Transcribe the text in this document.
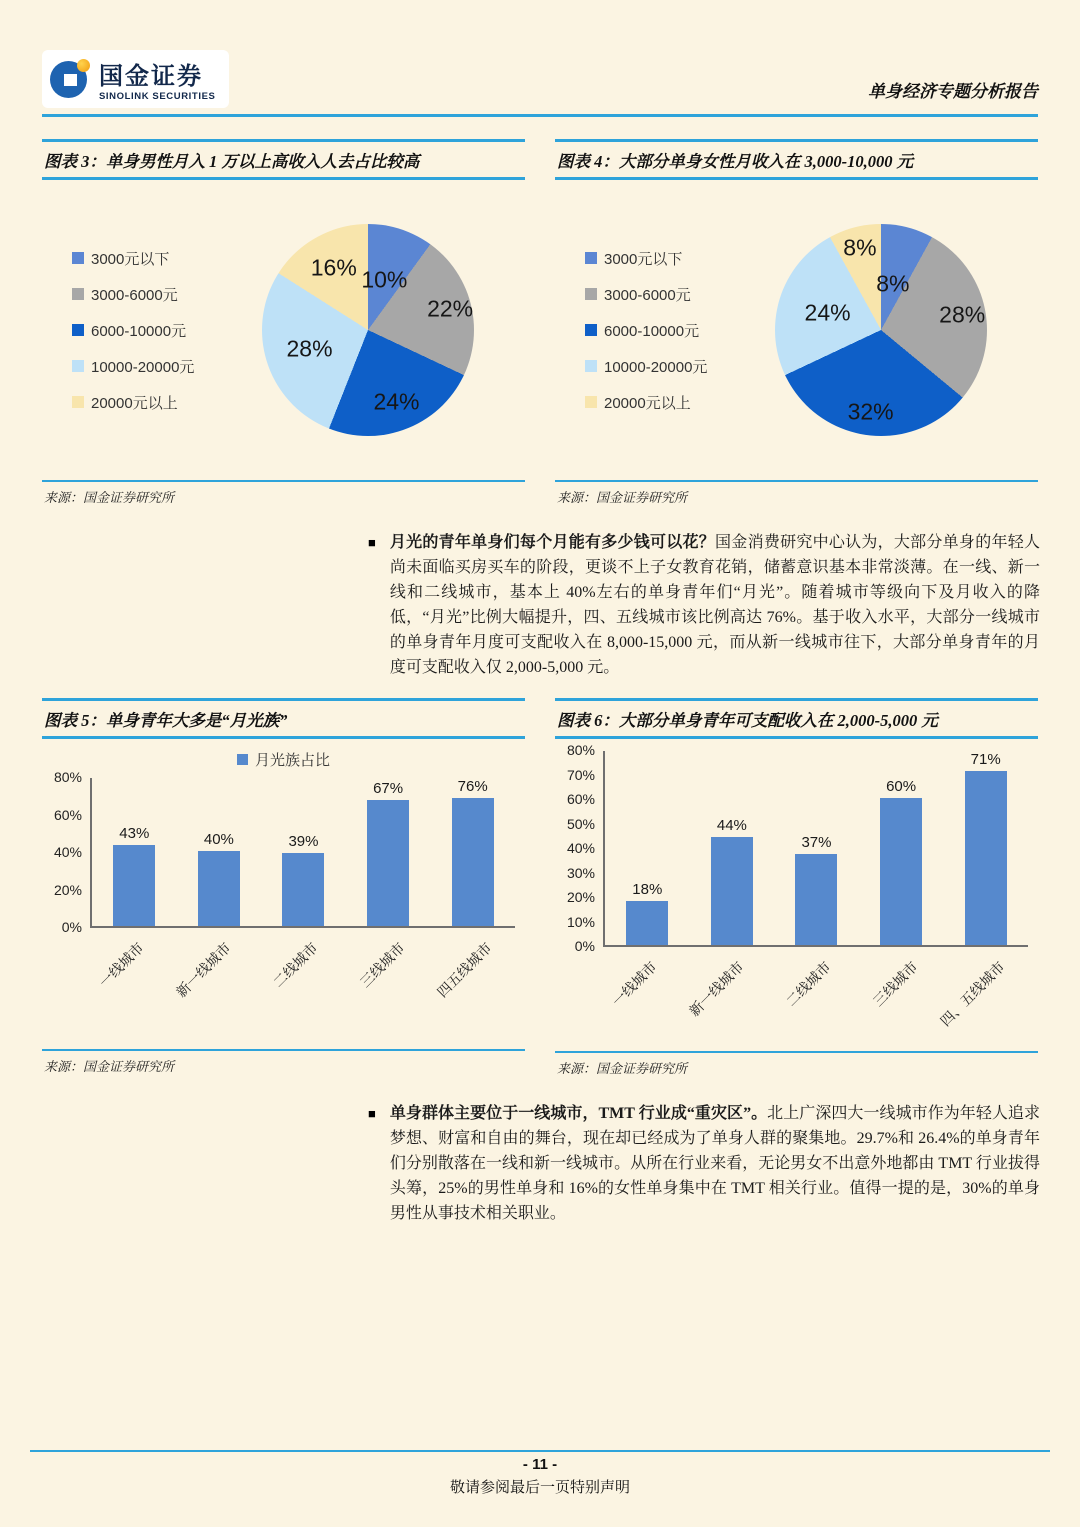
国金证券
SINOLINK SECURITIES	单身经济专题分析报告
图表 3：单身男性月入 1 万以上高收入人去占比较高
3000元以下
3000-6000元
6000-10000元
10000-20000元
20000元以上
10%
22%
24%
28%
16%
来源：国金证券研究所
图表 4：大部分单身女性月收入在 3,000-10,000 元
3000元以下
3000-6000元
6000-10000元
10000-20000元
20000元以上
8%
28%
32%
24%
8%
来源：国金证券研究所
■ 月光的青年单身们每个月能有多少钱可以花？国金消费研究中心认为，大部分单身的年轻人尚未面临买房买车的阶段，更谈不上子女教育花销，储蓄意识基本非常淡薄。在一线、新一线和二线城市，基本上 40%左右的单身青年们“月光”。随着城市等级向下及月收入的降低，“月光”比例大幅提升，四、五线城市该比例高达 76%。基于收入水平，大部分一线城市的单身青年月度可支配收入在 8,000-15,000 元，而从新一线城市往下，大部分单身青年的月度可支配收入仅 2,000-5,000 元。
图表 5：单身青年大多是“月光族”
月光族占比
80%
60%
40%
20%
0%
43%	40%	39%
67%	76%
一线城市 新一线城市	二线城市	三线城市 四五线城市
来源：国金证券研究所
图表 6：大部分单身青年可支配收入在 2,000-5,000 元
80%
70%
60%
50%
40%
30%
20%
10%
0%
18%
44%
37%
60%
71%
一线城市 新一线城市	二线城市	三线城市 四、五线城市
来源：国金证券研究所
■ 单身群体主要位于一线城市，TMT 行业成“重灾区”。北上广深四大一线城市作为年轻人追求梦想、财富和自由的舞台，现在却已经成为了单身人群的聚集地。29.7%和 26.4%的单身青年们分别散落在一线和新一线城市。从所在行业来看，无论男女不出意外地都由 TMT 行业拔得头筹，25%的男性单身和 16%的女性单身集中在 TMT 相关行业。值得一提的是，30%的单身男性从事技术相关职业。
- 11 -
敬请参阅最后一页特别声明
